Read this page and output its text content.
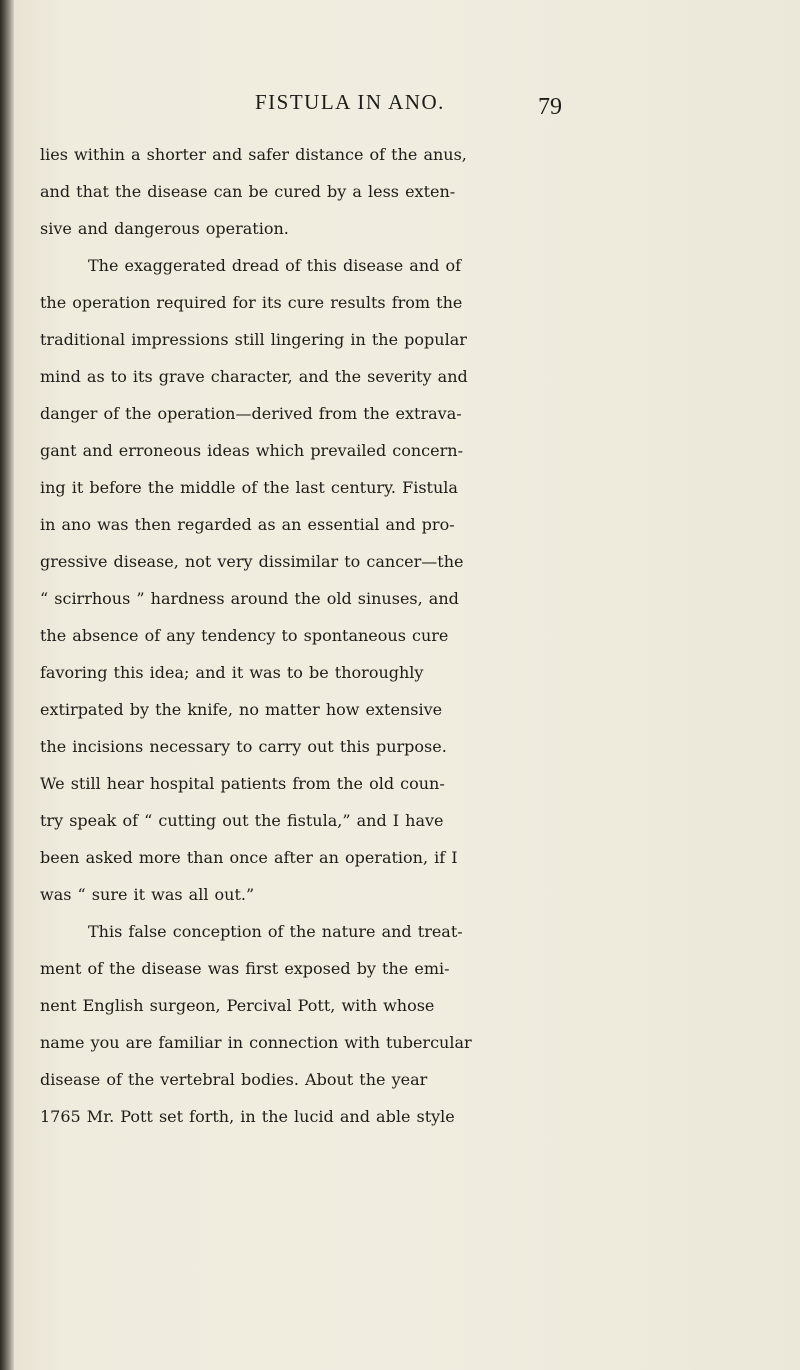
FISTULA IN ANO.	79
lies within a shorter and safer distance of the anus,
and that the disease can be cured by a less exten-
sive and dangerous operation.
The exaggerated dread of this disease and of
the operation required for its cure results from the
traditional impressions still lingering in the popular
mind as to its grave character, and the severity and
danger of the operation—derived from the extrava-
gant and erroneous ideas which prevailed concern-
ing it before the middle of the last century. Fistula
in ano was then regarded as an essential and pro-
gressive disease, not very dissimilar to cancer—the
“ scirrhous ” hardness around the old sinuses, and
the absence of any tendency to spontaneous cure
favoring this idea; and it was to be thoroughly
extirpated by the knife, no matter how extensive
the incisions necessary to carry out this purpose.
We still hear hospital patients from the old coun-
try speak of “ cutting out the fistula,” and I have
been asked more than once after an operation, if I
was “ sure it was all out.”
This false conception of the nature and treat-
ment of the disease was first exposed by the emi-
nent English surgeon, Percival Pott, with whose
name you are familiar in connection with tubercular
disease of the vertebral bodies. About the year
1765 Mr. Pott set forth, in the lucid and able style
